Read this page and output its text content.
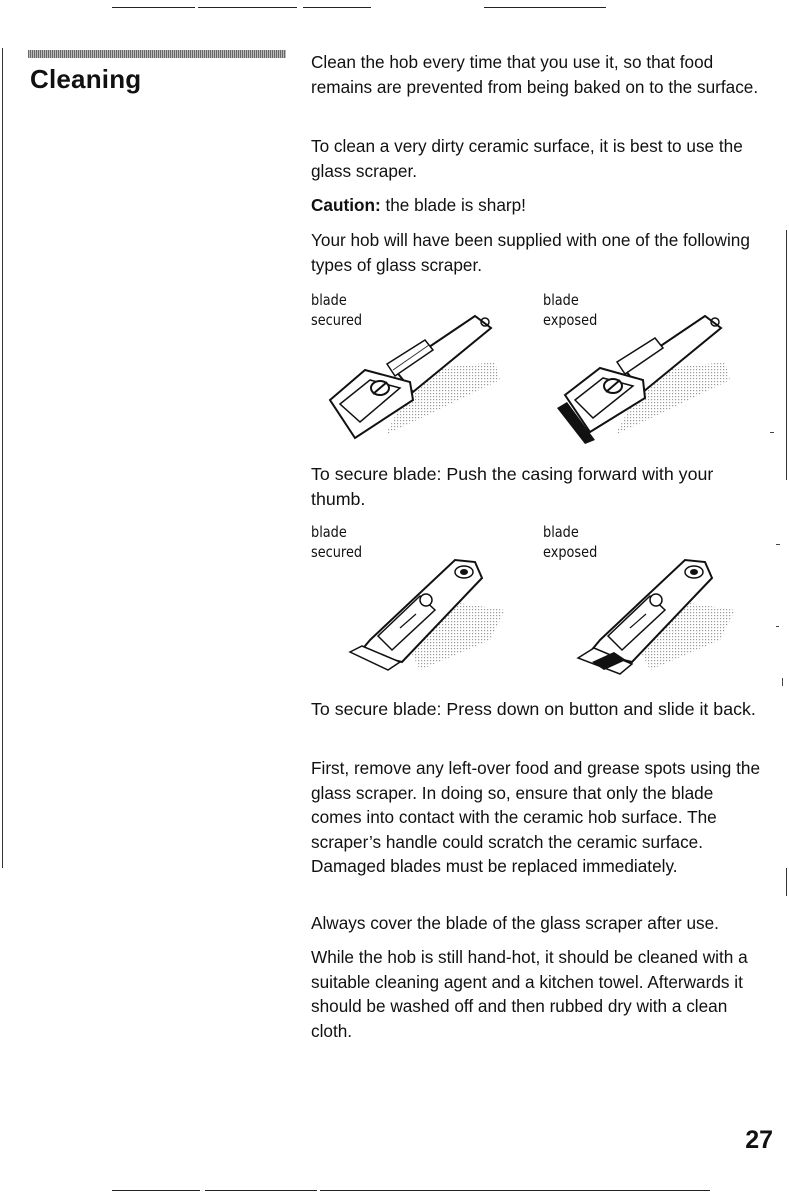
Cleaning

Clean the hob every time that you use it, so that food remains are prevented from being baked on to the surface.

To clean a very dirty ceramic surface, it is best to use the glass scraper.

Caution: the blade is sharp!

Your hob will have been supplied with one of the following types of glass scraper.

blade
secured
blade
exposed

To secure blade: Push the casing forward with your thumb.

blade
secured
blade
exposed

To secure blade: Press down on button and slide it back.

First, remove any left-over food and grease spots using the glass scraper. In doing so, ensure that only the blade comes into contact with the ceramic hob surface. The scraper’s handle could scratch the ceramic surface. Damaged blades must be replaced immediately.

Always cover the blade of the glass scraper after use.

While the hob is still hand-hot, it should be cleaned with a suitable cleaning agent and a kitchen towel. Afterwards it should be washed off and then rubbed dry with a clean cloth.

27
